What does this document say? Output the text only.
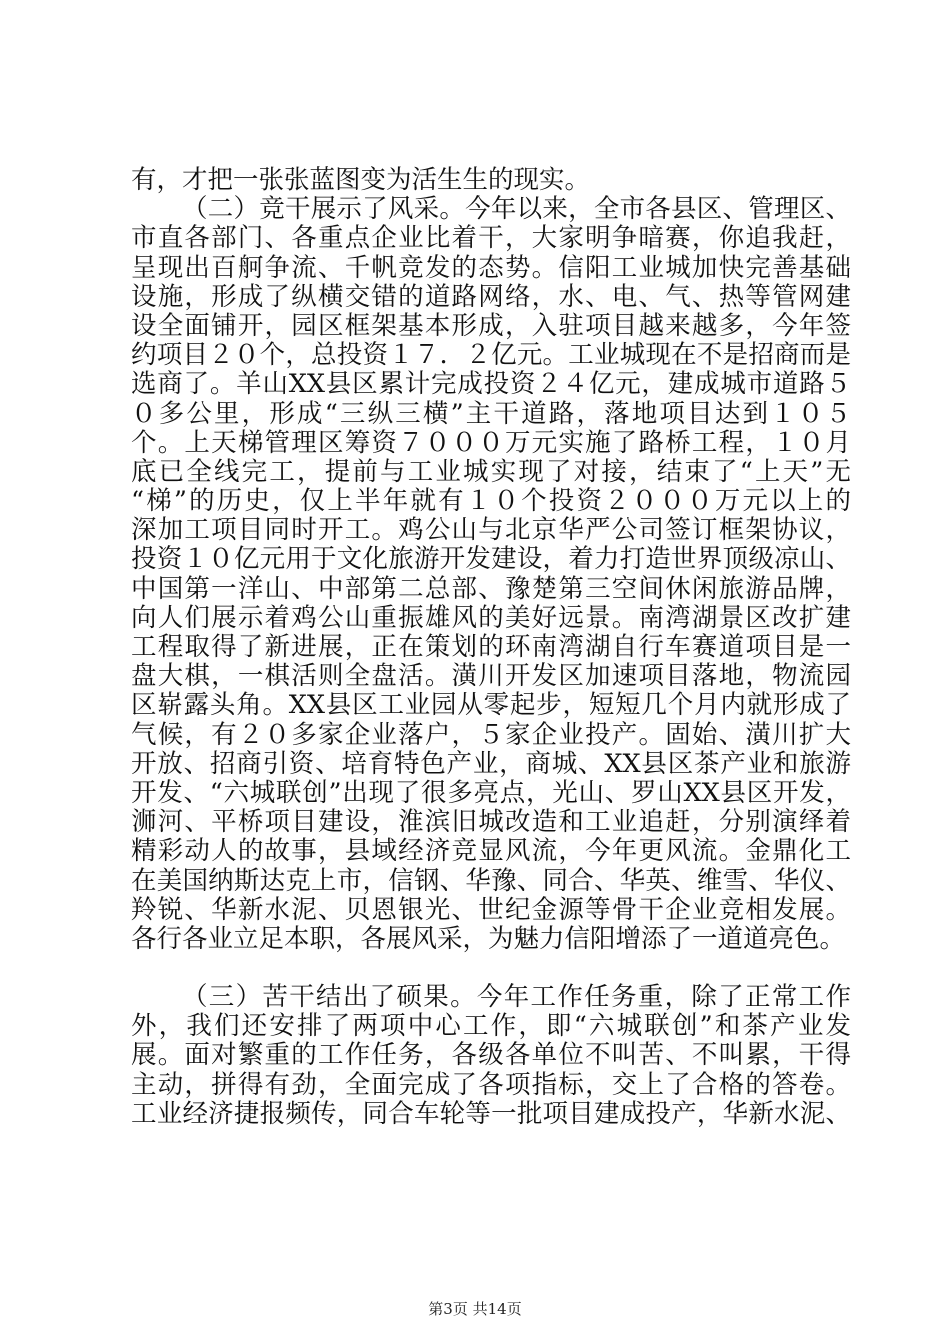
有，才把一张张蓝图变为活生生的现实。
（二）竞干展示了风采。今年以来，全市各县区、管理区、
市直各部门、各重点企业比着干，大家明争暗赛，你追我赶，
呈现出百舸争流、千帆竞发的态势。信阳工业城加快完善基础
设施，形成了纵横交错的道路网络，水、电、气、热等管网建
设全面铺开，园区框架基本形成，入驻项目越来越多，今年签
约项目２０个，总投资１７．２亿元。工业城现在不是招商而是
选商了。羊山XX县区累计完成投资２４亿元，建成城市道路５
０多公里，形成“三纵三横”主干道路，落地项目达到１０５
个。上天梯管理区筹资７０００万元实施了路桥工程，１０月
底已全线完工，提前与工业城实现了对接，结束了“上天”无
“梯”的历史，仅上半年就有１０个投资２０００万元以上的
深加工项目同时开工。鸡公山与北京华严公司签订框架协议，
投资１０亿元用于文化旅游开发建设，着力打造世界顶级凉山、
中国第一洋山、中部第二总部、豫楚第三空间休闲旅游品牌，
向人们展示着鸡公山重振雄风的美好远景。南湾湖景区改扩建
工程取得了新进展，正在策划的环南湾湖自行车赛道项目是一
盘大棋，一棋活则全盘活。潢川开发区加速项目落地，物流园
区崭露头角。XX县区工业园从零起步，短短几个月内就形成了
气候，有２０多家企业落户，５家企业投产。固始、潢川扩大
开放、招商引资、培育特色产业，商城、XX县区茶产业和旅游
开发、“六城联创”出现了很多亮点，光山、罗山XX县区开发，
浉河、平桥项目建设，淮滨旧城改造和工业追赶，分别演绎着
精彩动人的故事，县域经济竞显风流，今年更风流。金鼎化工
在美国纳斯达克上市，信钢、华豫、同合、华英、维雪、华仪、
羚锐、华新水泥、贝恩银光、世纪金源等骨干企业竞相发展。
各行各业立足本职，各展风采，为魅力信阳增添了一道道亮色。
（三）苦干结出了硕果。今年工作任务重，除了正常工作
外，我们还安排了两项中心工作，即“六城联创”和茶产业发
展。面对繁重的工作任务，各级各单位不叫苦、不叫累，干得
主动，拼得有劲，全面完成了各项指标，交上了合格的答卷。
工业经济捷报频传，同合车轮等一批项目建成投产，华新水泥、
第3页 共14页
